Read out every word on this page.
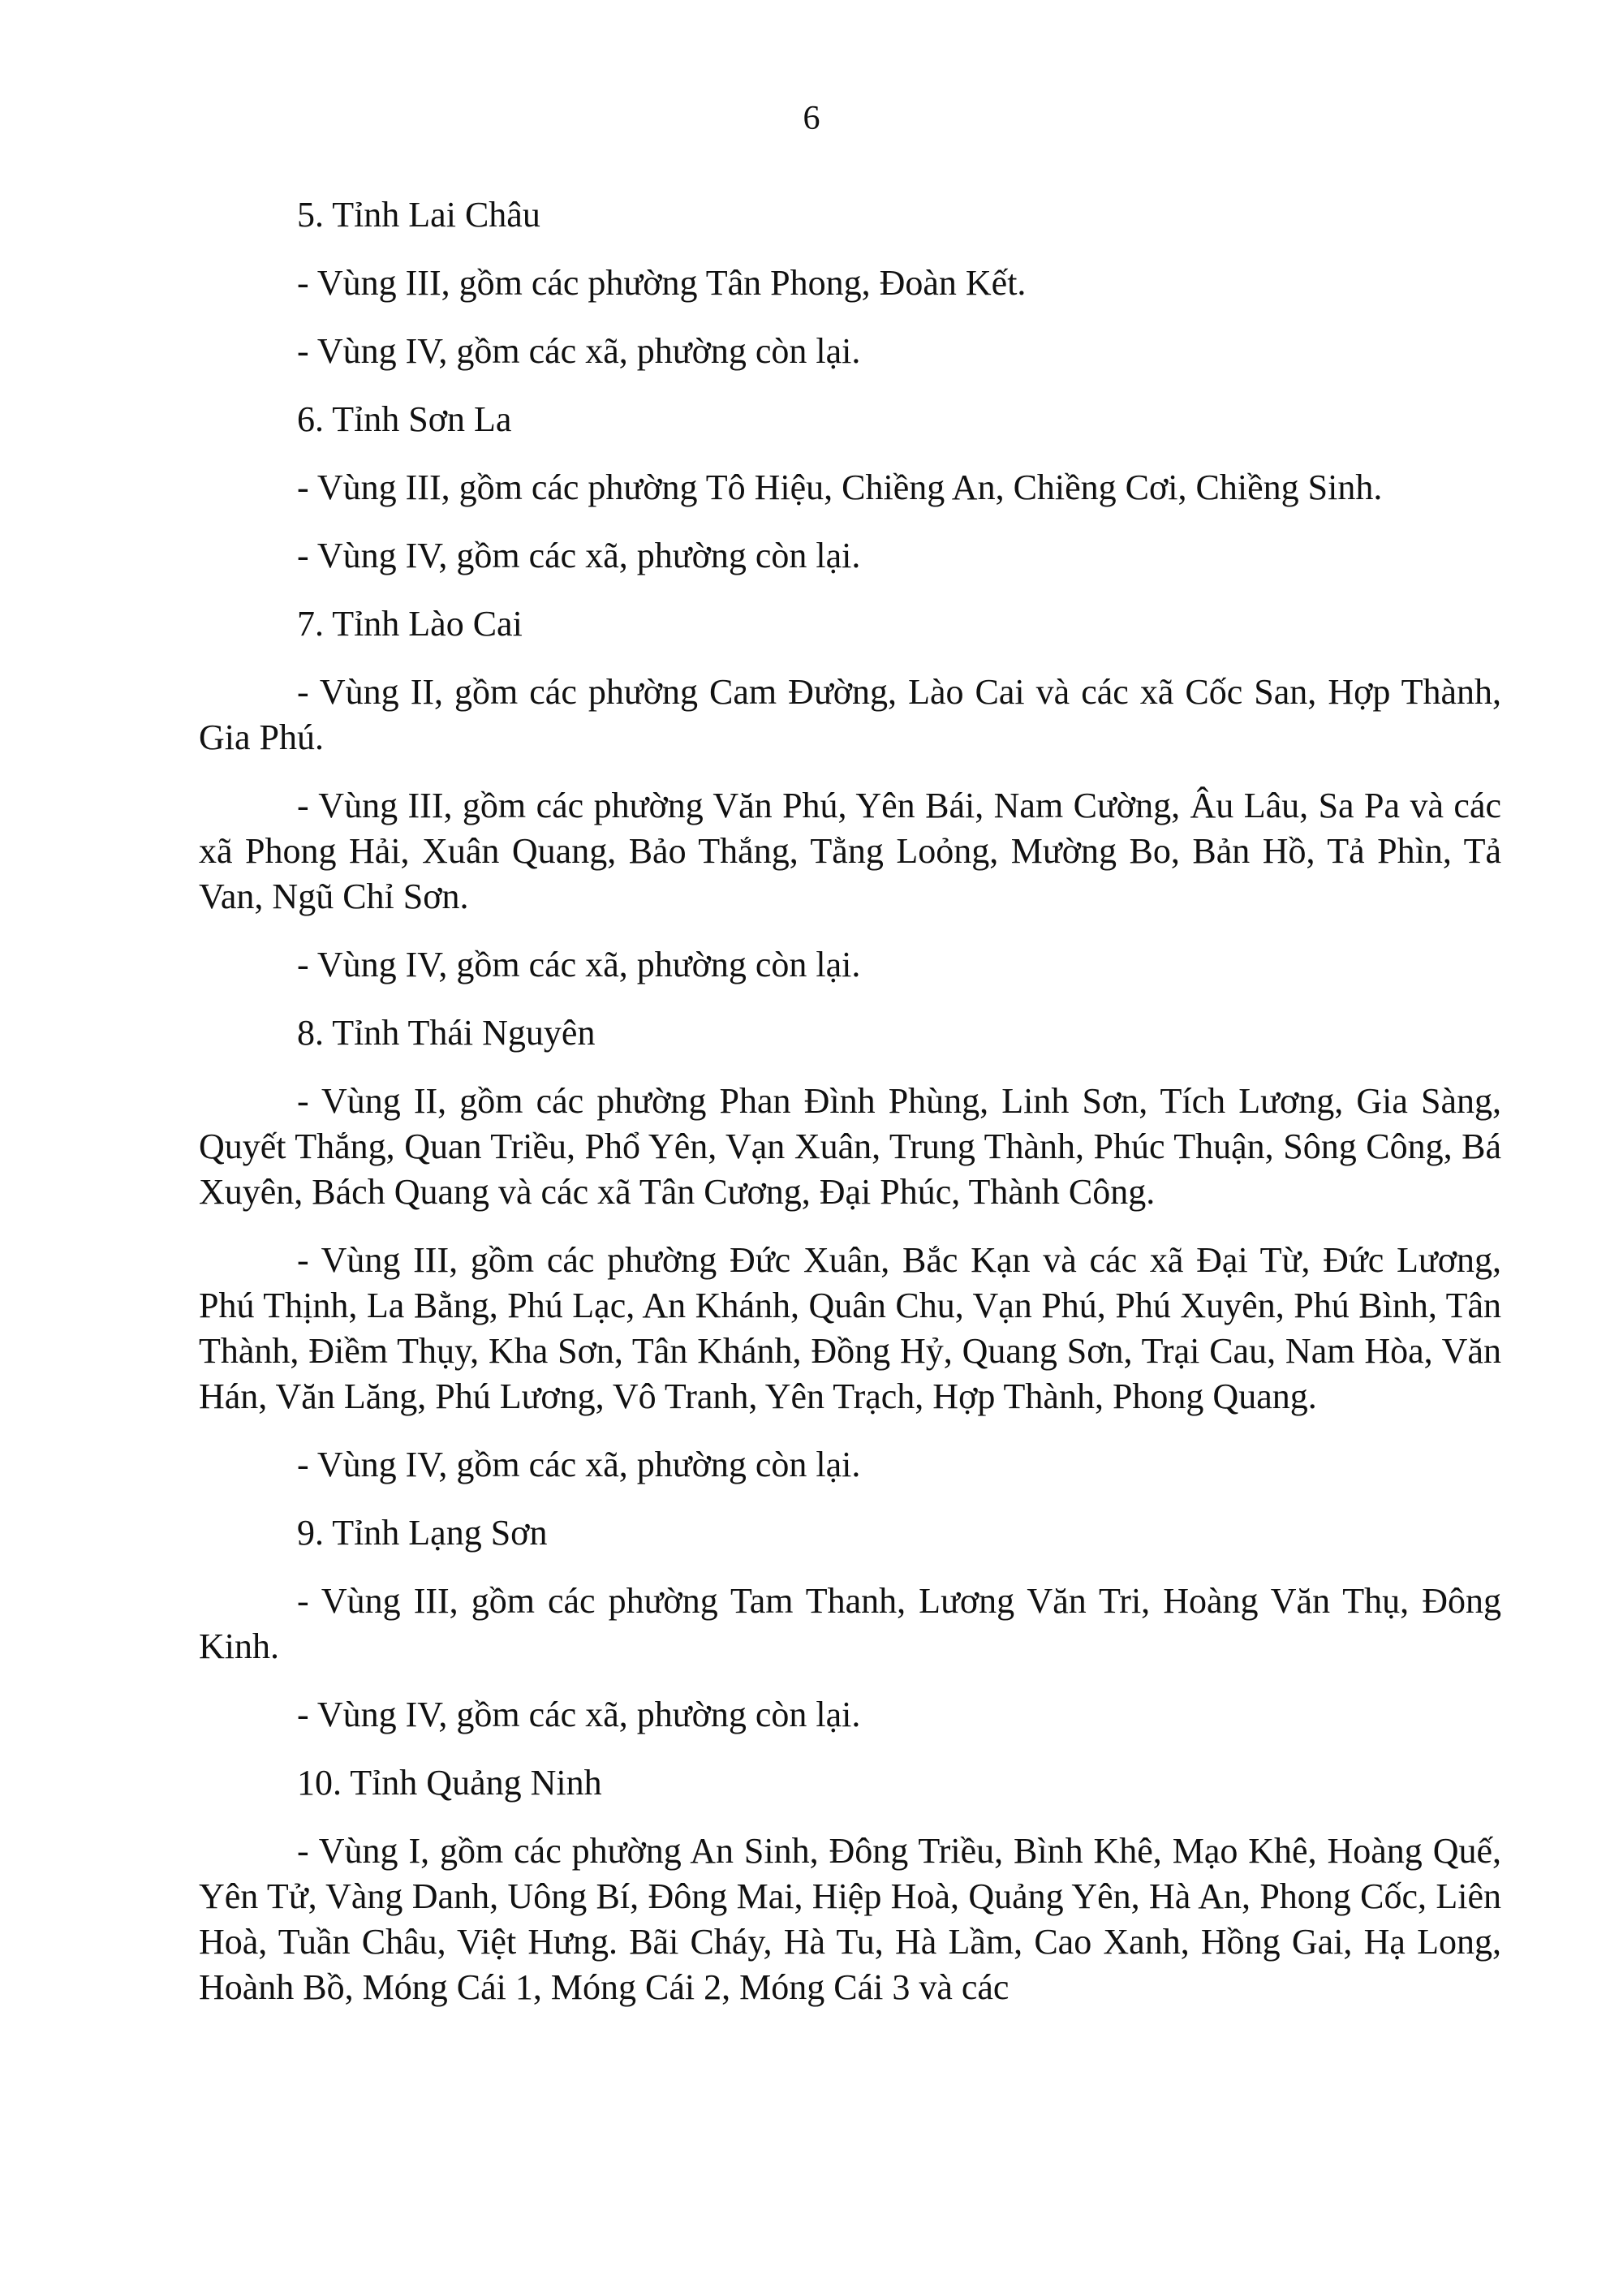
6

5. Tỉnh Lai Châu

- Vùng III, gồm các phường Tân Phong, Đoàn Kết.

- Vùng IV, gồm các xã, phường còn lại.

6. Tỉnh Sơn La

- Vùng III, gồm các phường Tô Hiệu, Chiềng An, Chiềng Cơi, Chiềng Sinh.

- Vùng IV, gồm các xã, phường còn lại.

7. Tỉnh Lào Cai

- Vùng II, gồm các phường Cam Đường, Lào Cai và các xã Cốc San, Hợp Thành, Gia Phú.

- Vùng III, gồm các phường Văn Phú, Yên Bái, Nam Cường, Âu Lâu, Sa Pa và các xã Phong Hải, Xuân Quang, Bảo Thắng, Tằng Loỏng, Mường Bo, Bản Hồ, Tả Phìn, Tả Van, Ngũ Chỉ Sơn.

- Vùng IV, gồm các xã, phường còn lại.

8. Tỉnh Thái Nguyên

- Vùng II, gồm các phường Phan Đình Phùng, Linh Sơn, Tích Lương, Gia Sàng, Quyết Thắng, Quan Triều, Phổ Yên, Vạn Xuân, Trung Thành, Phúc Thuận, Sông Công, Bá Xuyên, Bách Quang và các xã Tân Cương, Đại Phúc, Thành Công.

- Vùng III, gồm các phường Đức Xuân, Bắc Kạn và các xã Đại Từ, Đức Lương, Phú Thịnh, La Bằng, Phú Lạc, An Khánh, Quân Chu, Vạn Phú, Phú Xuyên, Phú Bình, Tân Thành, Điềm Thụy, Kha Sơn, Tân Khánh, Đồng Hỷ, Quang Sơn, Trại Cau, Nam Hòa, Văn Hán, Văn Lăng, Phú Lương, Vô Tranh, Yên Trạch, Hợp Thành, Phong Quang.

- Vùng IV, gồm các xã, phường còn lại.

9. Tỉnh Lạng Sơn

- Vùng III, gồm các phường Tam Thanh, Lương Văn Tri, Hoàng Văn Thụ, Đông Kinh.

- Vùng IV, gồm các xã, phường còn lại.

10. Tỉnh Quảng Ninh

- Vùng I, gồm các phường An Sinh, Đông Triều, Bình Khê, Mạo Khê, Hoàng Quế, Yên Tử, Vàng Danh, Uông Bí, Đông Mai, Hiệp Hoà, Quảng Yên, Hà An, Phong Cốc, Liên Hoà, Tuần Châu, Việt Hưng. Bãi Cháy, Hà Tu, Hà Lầm, Cao Xanh, Hồng Gai, Hạ Long, Hoành Bồ, Móng Cái 1, Móng Cái 2, Móng Cái 3 và các
